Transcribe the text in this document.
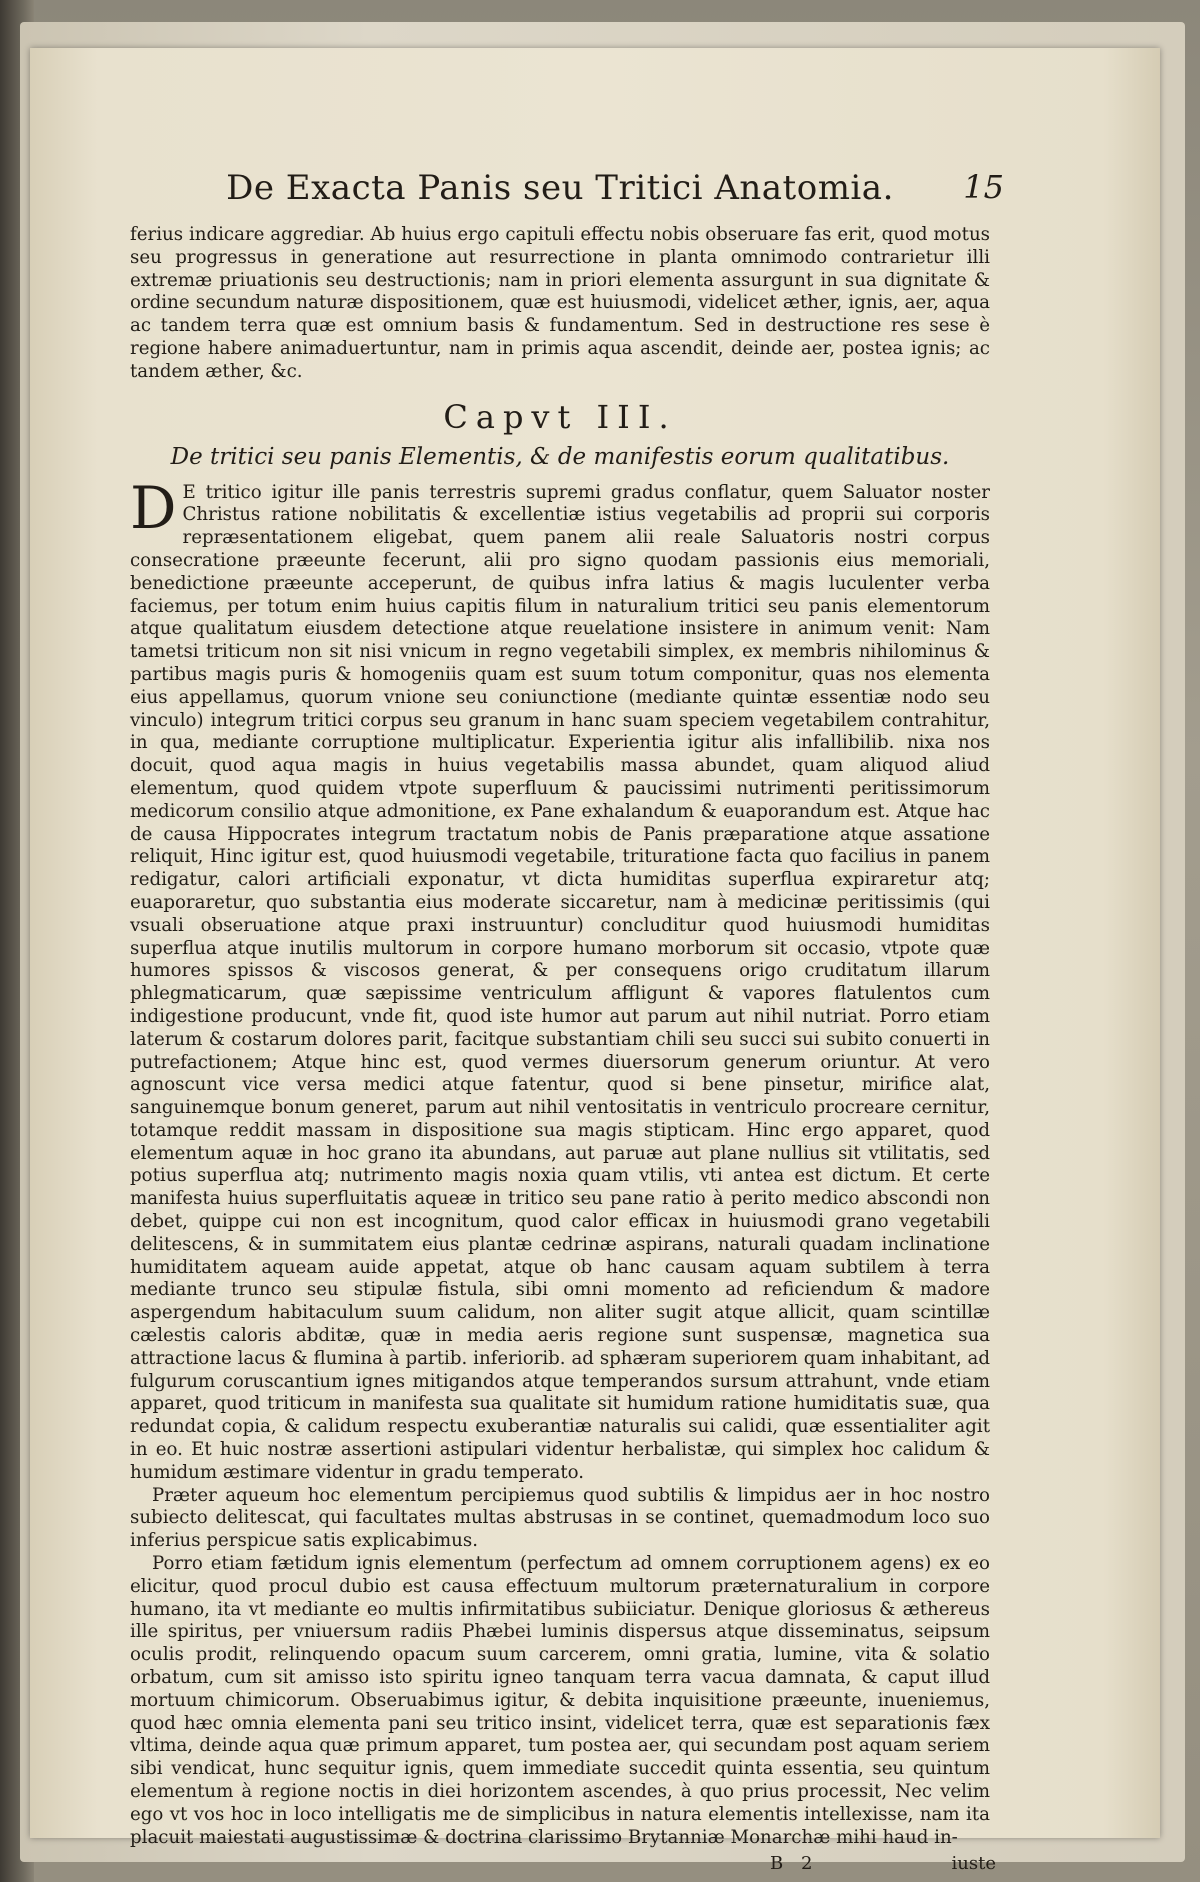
De Exacta Panis seu Tritici Anatomia.	15

ferius indicare aggrediar. Ab huius ergo capituli effectu nobis obseruare fas erit, quod motus seu progressus in generatione aut resurrectione in planta omnimodo contrarietur illi extremæ priuationis seu destructionis; nam in priori elementa assurgunt in sua dignitate & ordine secundum naturæ dispositionem, quæ est huiusmodi, videlicet æther, ignis, aer, aqua ac tandem terra quæ est omnium basis & fundamentum. Sed in destructione res sese è regione habere animaduertuntur, nam in primis aqua ascendit, deinde aer, postea ignis; ac tandem æther, &c.

Capvt III.
De tritici seu panis Elementis, & de manifestis eorum qualitatibus.

D E tritico igitur ille panis terrestris supremi gradus conflatur, quem Saluator noster Christus ratione nobilitatis & excellentiæ istius vegetabilis ad proprii sui corporis repræsentationem eligebat, quem panem alii reale Saluatoris nostri corpus consecratione præeunte fecerunt, alii pro signo quodam passionis eius memoriali, benedictione præeunte acceperunt, de quibus infra latius & magis luculenter verba faciemus, per totum enim huius capitis filum in naturalium tritici seu panis elementorum atque qualitatum eiusdem detectione atque reuelatione insistere in animum venit: Nam tametsi triticum non sit nisi vnicum in regno vegetabili simplex, ex membris nihilominus & partibus magis puris & homogeniis quam est suum totum componitur, quas nos elementa eius appellamus, quorum vnione seu coniunctione (mediante quintæ essentiæ nodo seu vinculo) integrum tritici corpus seu granum in hanc suam speciem vegetabilem contrahitur, in qua, mediante corruptione multiplicatur. Experientia igitur alis infallibilib. nixa nos docuit, quod aqua magis in huius vegetabilis massa abundet, quam aliquod aliud elementum, quod quidem vtpote superfluum & paucissimi nutrimenti peritissimorum medicorum consilio atque admonitione, ex Pane exhalandum & euaporandum est. Atque hac de causa Hippocrates integrum tractatum nobis de Panis præparatione atque assatione reliquit, Hinc igitur est, quod huiusmodi vegetabile, trituratione facta quo facilius in panem redigatur, calori artificiali exponatur, vt dicta humiditas superflua expiraretur atq; euaporaretur, quo substantia eius moderate siccaretur, nam à medicinæ peritissimis (qui vsuali obseruatione atque praxi instruuntur) concluditur quod huiusmodi humiditas superflua atque inutilis multorum in corpore humano morborum sit occasio, vtpote quæ humores spissos & viscosos generat, & per consequens origo cruditatum illarum phlegmaticarum, quæ sæpissime ventriculum affligunt & vapores flatulentos cum indigestione producunt, vnde fit, quod iste humor aut parum aut nihil nutriat. Porro etiam laterum & costarum dolores parit, facitque substantiam chili seu succi sui subito conuerti in putrefactionem; Atque hinc est, quod vermes diuersorum generum oriuntur. At vero agnoscunt vice versa medici atque fatentur, quod si bene pinsetur, mirifice alat, sanguinemque bonum generet, parum aut nihil ventositatis in ventriculo procreare cernitur, totamque reddit massam in dispositione sua magis stipticam. Hinc ergo apparet, quod elementum aquæ in hoc grano ita abundans, aut paruæ aut plane nullius sit vtilitatis, sed potius superflua atq; nutrimento magis noxia quam vtilis, vti antea est dictum. Et certe manifesta huius superfluitatis aqueæ in tritico seu pane ratio à perito medico abscondi non debet, quippe cui non est incognitum, quod calor efficax in huiusmodi grano vegetabili delitescens, & in summitatem eius plantæ cedrinæ aspirans, naturali quadam inclinatione humiditatem aqueam auide appetat, atque ob hanc causam aquam subtilem à terra mediante trunco seu stipulæ fistula, sibi omni momento ad reficiendum & madore aspergendum habitaculum suum calidum, non aliter sugit atque allicit, quam scintillæ cælestis caloris abditæ, quæ in media aeris regione sunt suspensæ, magnetica sua attractione lacus & flumina à partib. inferiorib. ad sphæram superiorem quam inhabitant, ad fulgurum coruscantium ignes mitigandos atque temperandos sursum attrahunt, vnde etiam apparet, quod triticum in manifesta sua qualitate sit humidum ratione humiditatis suæ, qua redundat copia, & calidum respectu exuberantiæ naturalis sui calidi, quæ essentialiter agit in eo. Et huic nostræ assertioni astipulari videntur herbalistæ, qui simplex hoc calidum & humidum æstimare videntur in gradu temperato.

Præter aqueum hoc elementum percipiemus quod subtilis & limpidus aer in hoc nostro subiecto delitescat, qui facultates multas abstrusas in se continet, quemadmodum loco suo inferius perspicue satis explicabimus.

Porro etiam fætidum ignis elementum (perfectum ad omnem corruptionem agens) ex eo elicitur, quod procul dubio est causa effectuum multorum præternaturalium in corpore humano, ita vt mediante eo multis infirmitatibus subiiciatur. Denique gloriosus & æthereus ille spiritus, per vniuersum radiis Phæbei luminis dispersus atque disseminatus, seipsum oculis prodit, relinquendo opacum suum carcerem, omni gratia, lumine, vita & solatio orbatum, cum sit amisso isto spiritu igneo tanquam terra vacua damnata, & caput illud mortuum chimicorum. Obseruabimus igitur, & debita inquisitione præeunte, inueniemus, quod hæc omnia elementa pani seu tritico insint, videlicet terra, quæ est separationis fæx vltima, deinde aqua quæ primum apparet, tum postea aer, qui secundam post aquam seriem sibi vendicat, hunc sequitur ignis, quem immediate succedit quinta essentia, seu quintum elementum à regione noctis in diei horizontem ascendes, à quo prius processit, Nec velim ego vt vos hoc in loco intelligatis me de simplicibus in natura elementis intellexisse, nam ita placuit maiestati augustissimæ & doctrina clarissimo Brytanniæ Monarchæ mihi haud in-

B 2	iuste
